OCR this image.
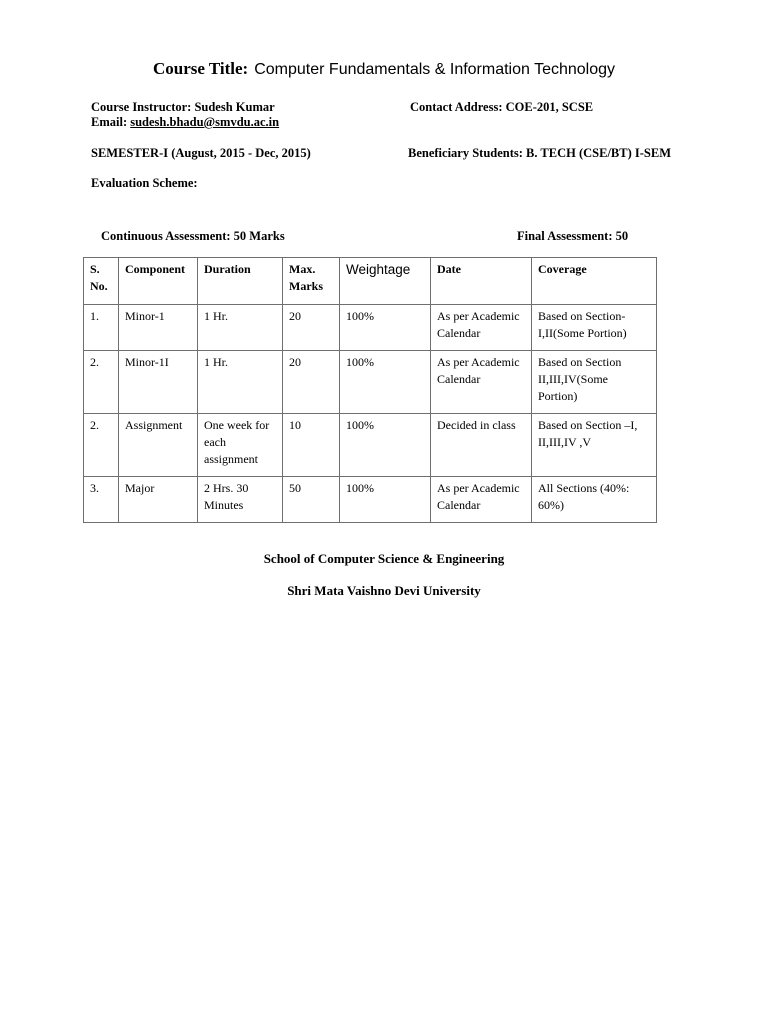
Course Title: Computer Fundamentals & Information Technology
Course Instructor: Sudesh Kumar	Contact Address: COE-201, SCSE
Email: sudesh.bhadu@smvdu.ac.in
SEMESTER-I (August, 2015 - Dec, 2015)	Beneficiary Students: B. TECH (CSE/BT) I-SEM
Evaluation Scheme:
Continuous Assessment: 50 Marks	Final Assessment: 50
S. No.	Component	Duration	Max. Marks	Weightage	Date	Coverage
1.	Minor-1	1 Hr.	20	100%	As per Academic Calendar	Based on Section-I,II(Some Portion)
2.	Minor-1I	1 Hr.	20	100%	As per Academic Calendar	Based on Section II,III,IV(Some Portion)
2.	Assignment	One week for each assignment	10	100%	Decided in class	Based on Section –I, II,III,IV ,V
3.	Major	2 Hrs. 30 Minutes	50	100%	As per Academic Calendar	All Sections (40%: 60%)
School of Computer Science & Engineering
Shri Mata Vaishno Devi University
